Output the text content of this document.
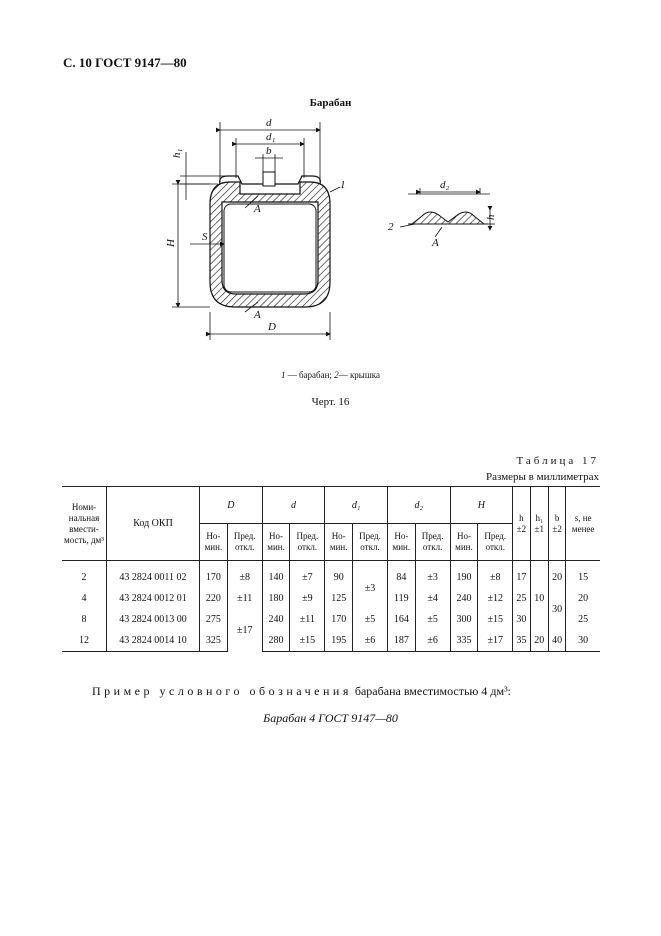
С. 10 ГОСТ 9147—80
Барабан
d
d₁
b
h₁
H
S
A
A
D
1	d₂
h
2
A
1 — барабан; 2— крышка
Черт. 16
Таблица 17
Размеры в миллиметрах
Номи-нальная вмести-мость, дм³	Код ОКП	D		d		d₁		d₂		H		h ±2	h₁ ±1	b ±2	s, не менее
		Но-мин.	Пред. откл.	Но-мин.	Пред. откл.	Но-мин.	Пред. откл.	Но-мин.	Пред. откл.	Но-мин.	Пред. откл.				
2	43 2824 0011 02	170	±8	140	±7	90	±3	84	±3	190	±8	17	10	20	15
4	43 2824 0012 01	220	±11	180	±9	125		119	±4	240	±12	25		30	20
8	43 2824 0013 00	275	±17	240	±11	170	±5	164	±5	300	±15	30			25
12	43 2824 0014 10	325		280	±15	195	±6	187	±6	335	±17	35	20	40	30
Пример условного обозначения барабана вместимостью 4 дм³:
Барабан 4 ГОСТ 9147—80
